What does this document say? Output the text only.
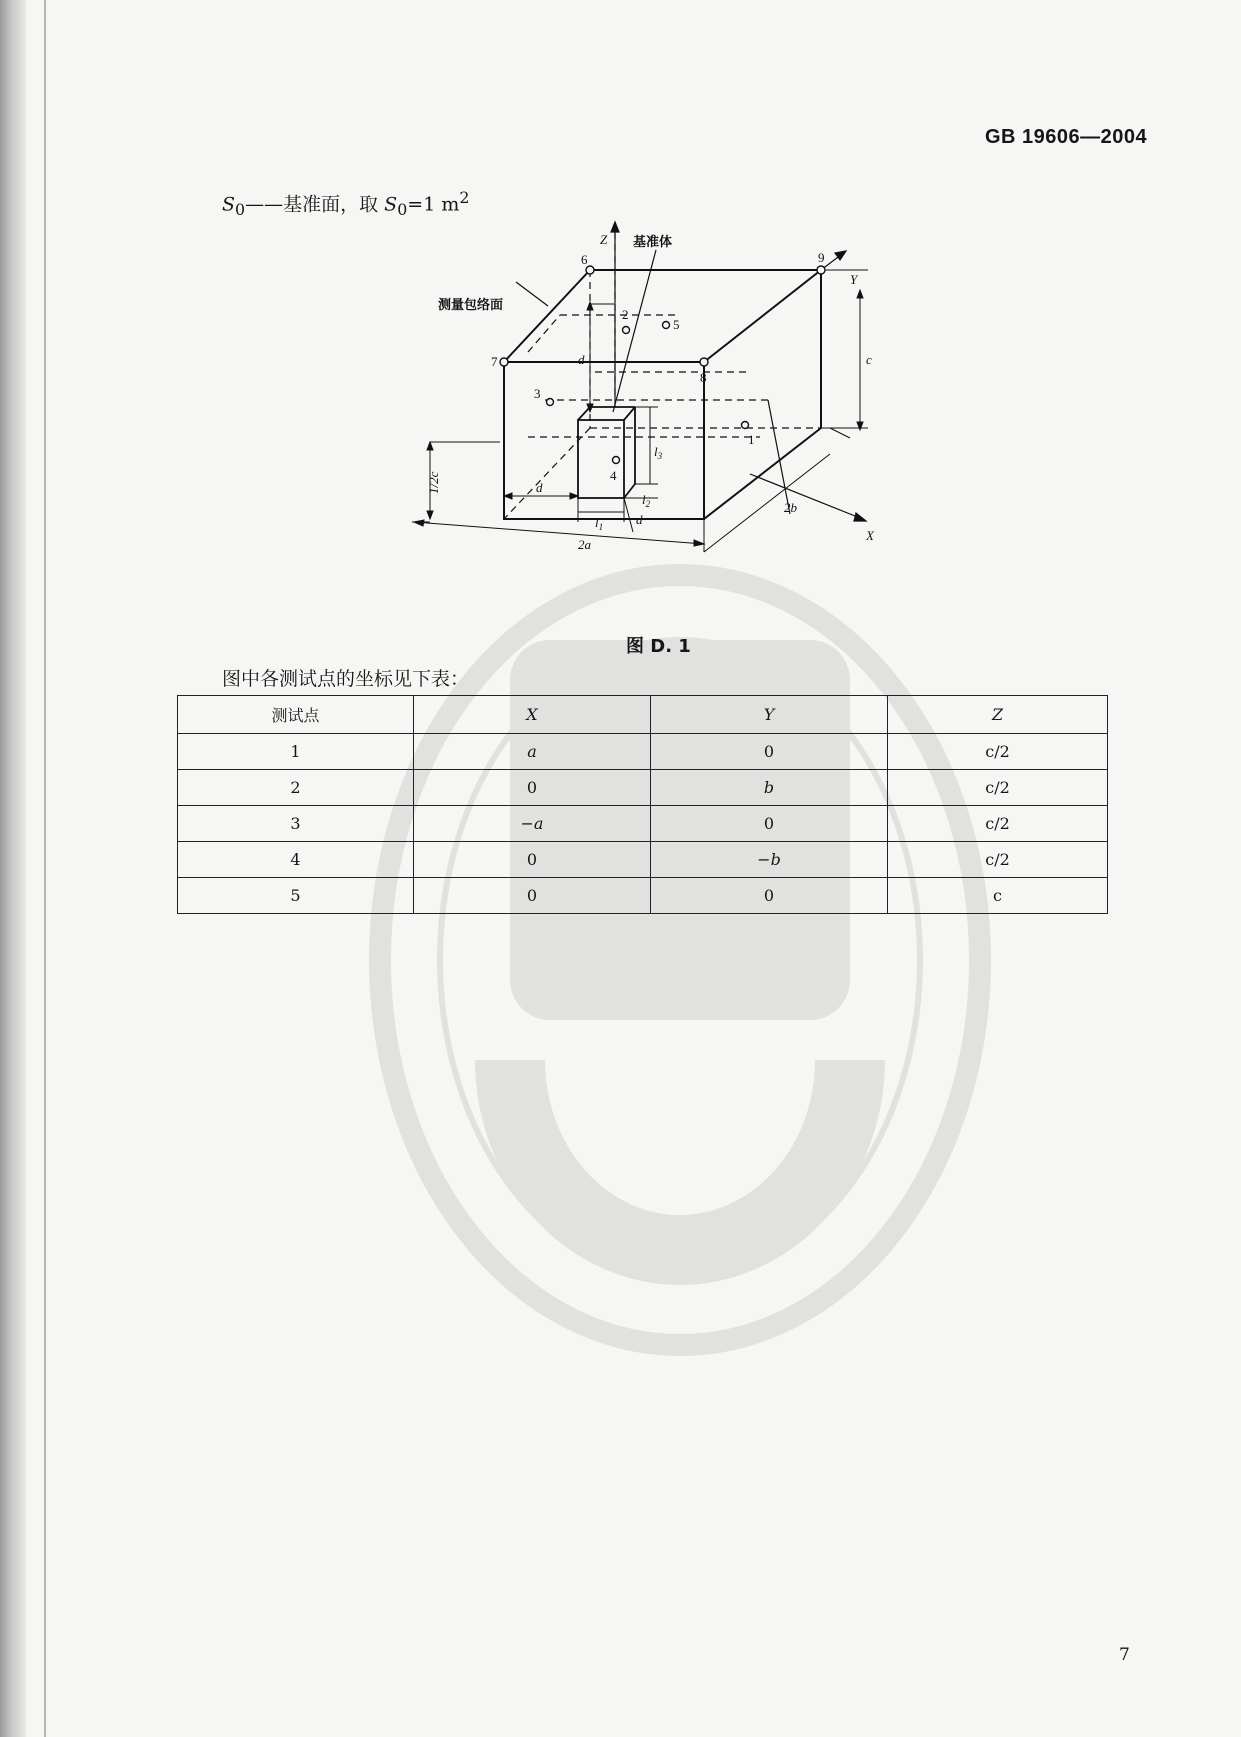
GB 19606—2004
$S_0——$基准面，取 $S_0=1$ $m^2$
测量包络面
基准体
Z
Y
X
6	9
7
8
5
2
3
1
4
d	c
1/2c	d
d
2a
2b
$l_1$
$l_2$
$l_3$
图 D. 1
图中各测试点的坐标见下表：
测试点	X	Y	Z
1	a	0	c/2
2	0	b	c/2
3	−a	0	c/2
4	0	−b	c/2
5	0	0	c
7
